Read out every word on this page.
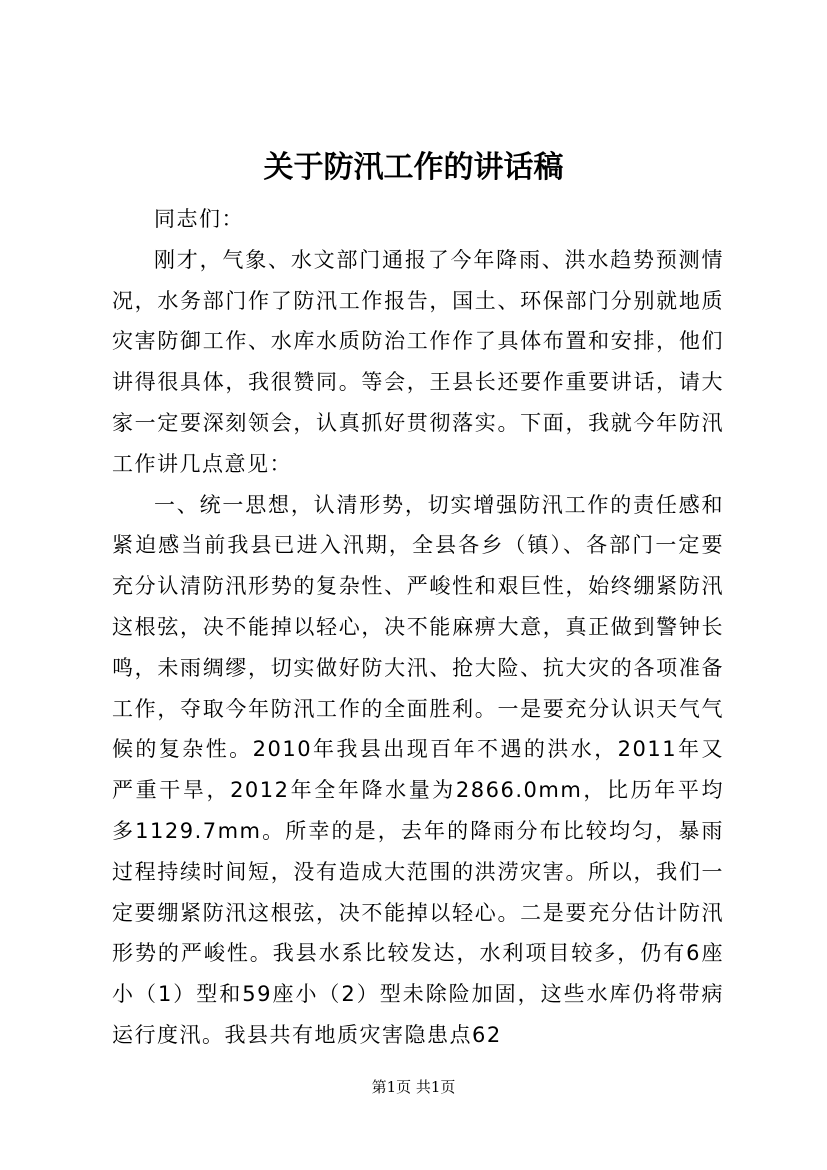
关于防汛工作的讲话稿

同志们：

刚才，气象、水文部门通报了今年降雨、洪水趋势预测情况，水务部门作了防汛工作报告，国土、环保部门分别就地质灾害防御工作、水库水质防治工作作了具体布置和安排，他们讲得很具体，我很赞同。等会，王县长还要作重要讲话，请大家一定要深刻领会，认真抓好贯彻落实。下面，我就今年防汛工作讲几点意见：

一、统一思想，认清形势，切实增强防汛工作的责任感和紧迫感当前我县已进入汛期，全县各乡（镇）、各部门一定要充分认清防汛形势的复杂性、严峻性和艰巨性，始终绷紧防汛这根弦，决不能掉以轻心，决不能麻痹大意，真正做到警钟长鸣，未雨绸缪，切实做好防大汛、抢大险、抗大灾的各项准备工作，夺取今年防汛工作的全面胜利。一是要充分认识天气气候的复杂性。2010年我县出现百年不遇的洪水，2011年又严重干旱，2012年全年降水量为2866.0mm，比历年平均多1129.7mm。所幸的是，去年的降雨分布比较均匀，暴雨过程持续时间短，没有造成大范围的洪涝灾害。所以，我们一定要绷紧防汛这根弦，决不能掉以轻心。二是要充分估计防汛形势的严峻性。我县水系比较发达，水利项目较多，仍有6座小（1）型和59座小（2）型未除险加固，这些水库仍将带病运行度汛。我县共有地质灾害隐患点62

第1页 共1页
